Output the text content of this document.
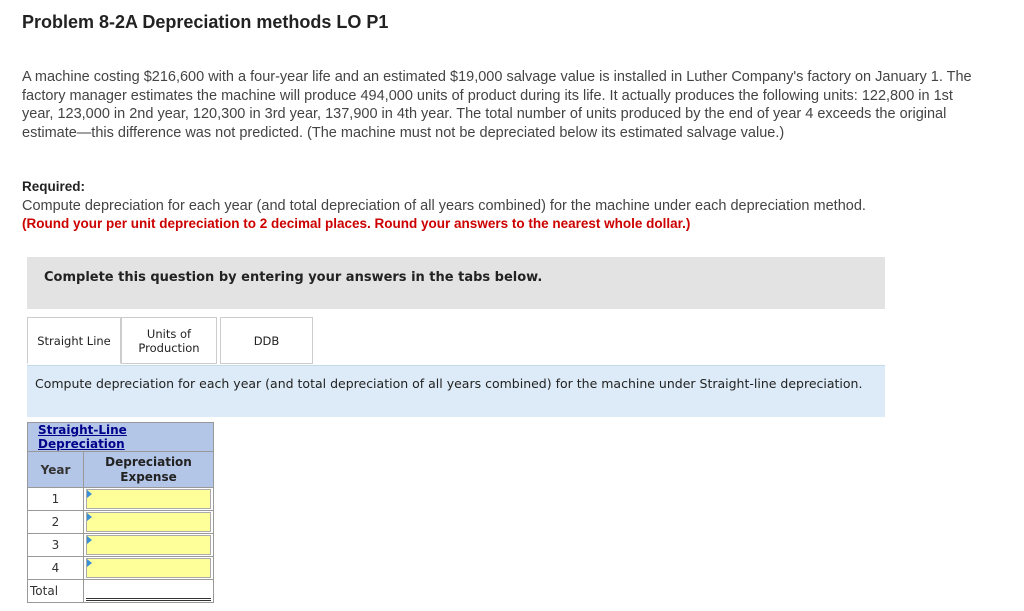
Problem 8-2A Depreciation methods LO P1

A machine costing $216,600 with a four-year life and an estimated $19,000 salvage value is installed in Luther Company's factory on January 1. The factory manager estimates the machine will produce 494,000 units of product during its life. It actually produces the following units: 122,800 in 1st year, 123,000 in 2nd year, 120,300 in 3rd year, 137,900 in 4th year. The total number of units produced by the end of year 4 exceeds the original estimate—this difference was not predicted. (The machine must not be depreciated below its estimated salvage value.)

Required:
Compute depreciation for each year (and total depreciation of all years combined) for the machine under each depreciation method.
(Round your per unit depreciation to 2 decimal places. Round your answers to the nearest whole dollar.)
Complete this question by entering your answers in the tabs below.
Straight Line	Units of
Production	DDB
Compute depreciation for each year (and total depreciation of all years combined) for the machine under Straight-line depreciation.
Straight-Line Depreciation	
Year	Depreciation
Expense

1	

2	

3	

4	

Total	
